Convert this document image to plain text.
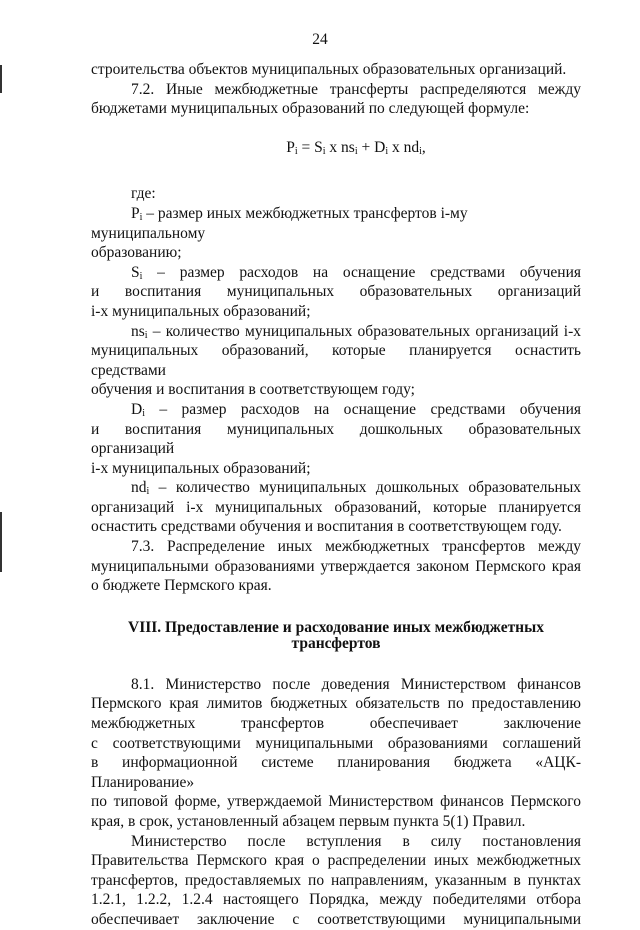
24

строительства объектов муниципальных образовательных организаций.

7.2. Иные межбюджетные трансферты распределяются между

бюджетами муниципальных образований по следующей формуле:

$P_i = S_i$ x $ns_i + D_i$ x $nd_i$,

где:

$P_i$ – размер иных межбюджетных трансфертов i-му муниципальному

образованию;

$S_i$ – размер расходов на оснащение средствами обучения

и воспитания муниципальных образовательных организаций

i-х муниципальных образований;

$ns_i$ – количество муниципальных образовательных организаций i-х

муниципальных образований, которые планируется оснастить средствами

обучения и воспитания в соответствующем году;

$D_i$ – размер расходов на оснащение средствами обучения

и воспитания муниципальных дошкольных образовательных организаций

i-х муниципальных образований;

$nd_i$ – количество муниципальных дошкольных образовательных

организаций i-х муниципальных образований, которые планируется

оснастить средствами обучения и воспитания в соответствующем году.

7.3. Распределение иных межбюджетных трансфертов между

муниципальными образованиями утверждается законом Пермского края

о бюджете Пермского края.

VIII. Предоставление и расходование иных межбюджетных

трансфертов

8.1. Министерство после доведения Министерством финансов

Пермского края лимитов бюджетных обязательств по предоставлению

межбюджетных трансфертов обеспечивает заключение

с соответствующими муниципальными образованиями соглашений

в информационной системе планирования бюджета «АЦК-Планирование»

по типовой форме, утверждаемой Министерством финансов Пермского

края, в срок, установленный абзацем первым пункта 5(1) Правил.

Министерство после вступления в силу постановления

Правительства Пермского края о распределении иных межбюджетных

трансфертов, предоставляемых по направлениям, указанным в пунктах

1.2.1, 1.2.2, 1.2.4 настоящего Порядка, между победителями отбора

обеспечивает заключение с соответствующими муниципальными
